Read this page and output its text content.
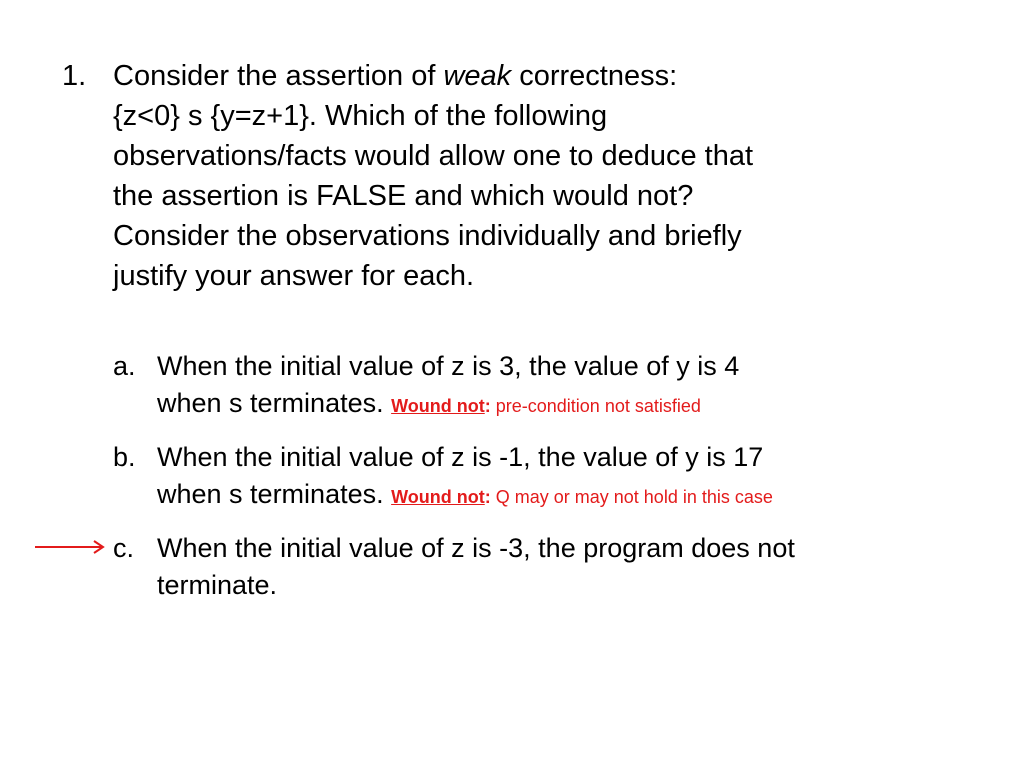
1. Consider the assertion of weak correctness:
{z<0} s {y=z+1}. Which of the following
observations/facts would allow one to deduce that
the assertion is FALSE and which would not?
Consider the observations individually and briefly
justify your answer for each.
a. When the initial value of z is 3, the value of y is 4
when s terminates. Wound not: pre-condition not satisfied
b. When the initial value of z is -1, the value of y is 17
when s terminates. Wound not: Q may or may not hold in this case
c. When the initial value of z is -3, the program does not
terminate.
